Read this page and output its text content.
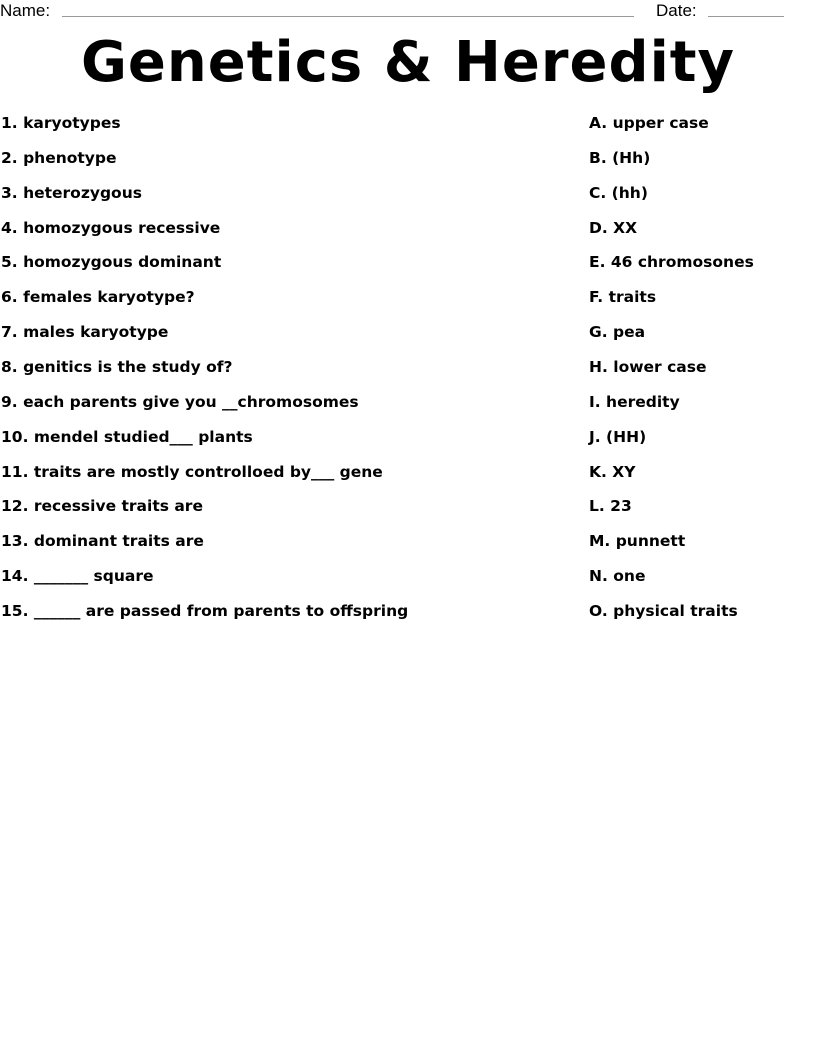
Name:	Date:
Genetics & Heredity
1. karyotypes	A. upper case
2. phenotype	B. (Hh)
3. heterozygous	C. (hh)
4. homozygous recessive	D. XX
5. homozygous dominant	E. 46 chromosones
6. females karyotype?	F. traits
7. males karyotype	G. pea
8. genitics is the study of?	H. lower case
9. each parents give you __chromosomes	I. heredity
10. mendel studied___ plants	J. (HH)
11. traits are mostly controlloed by___ gene	K. XY
12. recessive traits are	L. 23
13. dominant traits are	M. punnett
14. _______ square	N. one
15. ______ are passed from parents to offspring	O. physical traits
